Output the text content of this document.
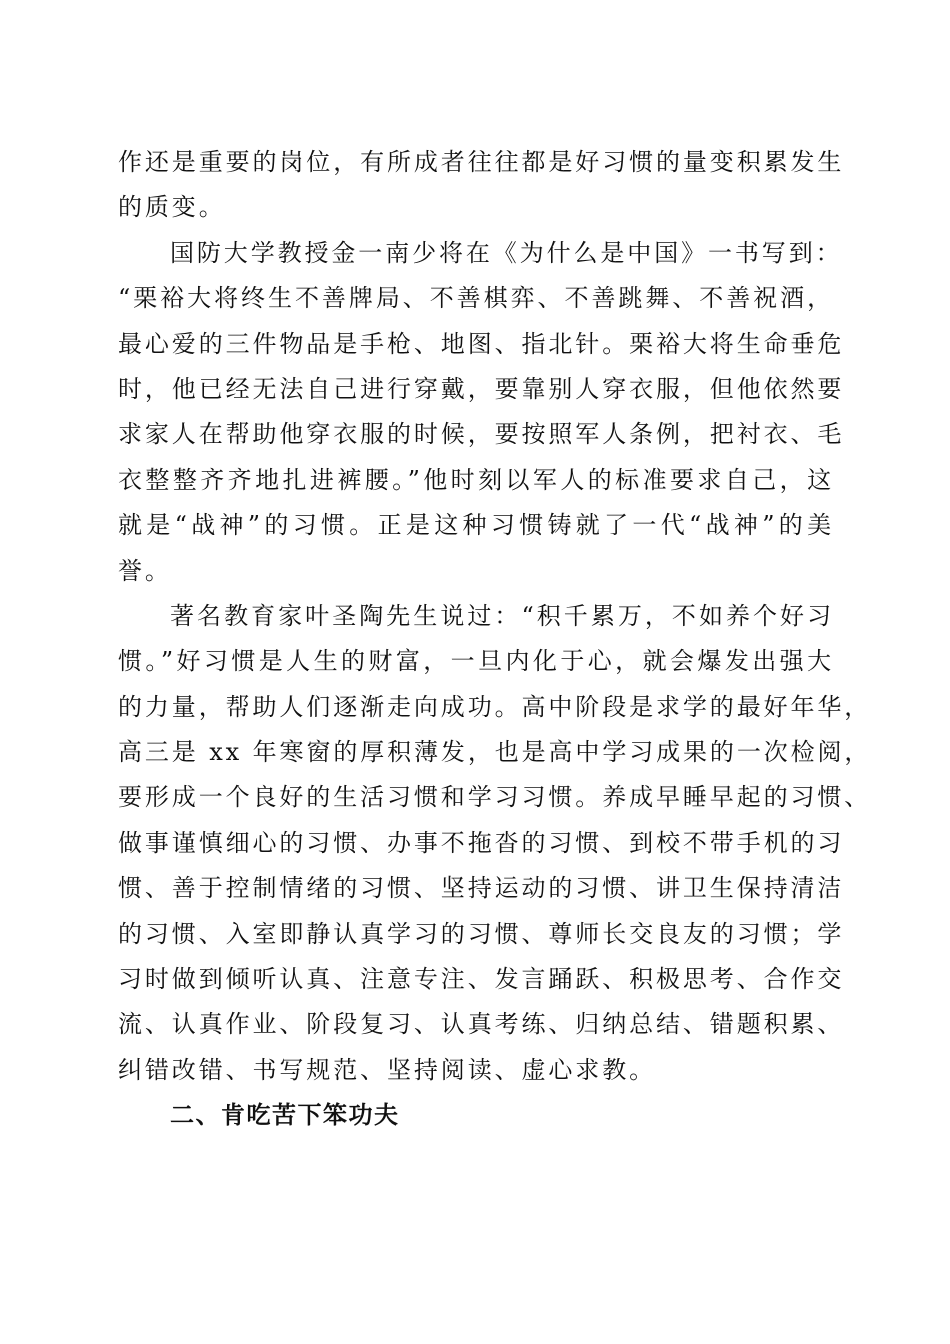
作还是重要的岗位，有所成者往往都是好习惯的量变积累发生
的质变。
国防大学教授金一南少将在《为什么是中国》一书写到：
“栗裕大将终生不善牌局、不善棋弈、不善跳舞、不善祝酒，
最心爱的三件物品是手枪、地图、指北针。栗裕大将生命垂危
时，他已经无法自己进行穿戴，要靠别人穿衣服，但他依然要
求家人在帮助他穿衣服的时候，要按照军人条例，把衬衣、毛
衣整整齐齐地扎进裤腰。”他时刻以军人的标准要求自己，这
就是“战神”的习惯。正是这种习惯铸就了一代“战神”的美
誉。
著名教育家叶圣陶先生说过：“积千累万，不如养个好习
惯。”好习惯是人生的财富，一旦内化于心，就会爆发出强大
的力量，帮助人们逐渐走向成功。高中阶段是求学的最好年华，
高三是 xx 年寒窗的厚积薄发，也是高中学习成果的一次检阅，
要形成一个良好的生活习惯和学习习惯。养成早睡早起的习惯、
做事谨慎细心的习惯、办事不拖沓的习惯、到校不带手机的习
惯、善于控制情绪的习惯、坚持运动的习惯、讲卫生保持清洁
的习惯、入室即静认真学习的习惯、尊师长交良友的习惯；学
习时做到倾听认真、注意专注、发言踊跃、积极思考、合作交
流、认真作业、阶段复习、认真考练、归纳总结、错题积累、
纠错改错、书写规范、坚持阅读、虚心求教。
二、肯吃苦下笨功夫
